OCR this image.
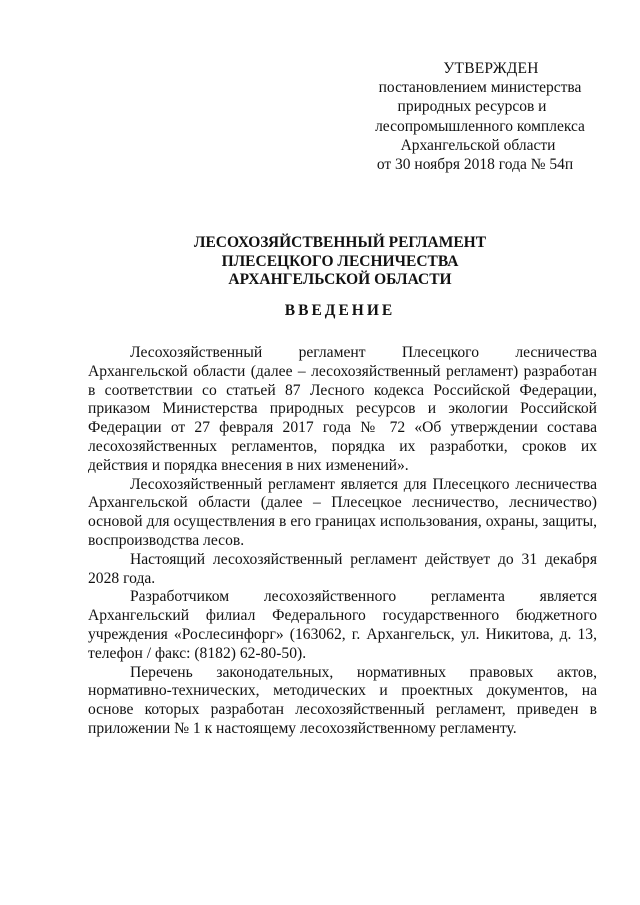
УТВЕРЖДЕН
постановлением министерства
природных ресурсов и
лесопромышленного комплекса
Архангельской области
от 30 ноября 2018 года № 54п
ЛЕСОХОЗЯЙСТВЕННЫЙ РЕГЛАМЕНТ
ПЛЕСЕЦКОГО ЛЕСНИЧЕСТВА
АРХАНГЕЛЬСКОЙ ОБЛАСТИ
ВВЕДЕНИЕ

Лесохозяйственный регламент Плесецкого лесничества Архангельской области (далее – лесохозяйственный регламент) разработан в соответствии со статьей 87 Лесного кодекса Российской Федерации, приказом Министерства природных ресурсов и экологии Российской Федерации от 27 февраля 2017 года № 72 «Об утверждении состава лесохозяйственных регламентов, порядка их разработки, сроков их действия и порядка внесения в них изменений».

Лесохозяйственный регламент является для Плесецкого лесничества Архангельской области (далее – Плесецкое лесничество, лесничество) основой для осуществления в его границах использования, охраны, защиты, воспроизводства лесов.

Настоящий лесохозяйственный регламент действует до 31 декабря 2028 года.

Разработчиком лесохозяйственного регламента является Архангельский филиал Федерального государственного бюджетного учреждения «Рослесинфорг» (163062, г. Архангельск, ул. Никитова, д. 13, телефон / факс: (8182) 62-80-50).

Перечень законодательных, нормативных правовых актов, нормативно-технических, методических и проектных документов, на основе которых разработан лесохозяйственный регламент, приведен в приложении № 1 к настоящему лесохозяйственному регламенту.
